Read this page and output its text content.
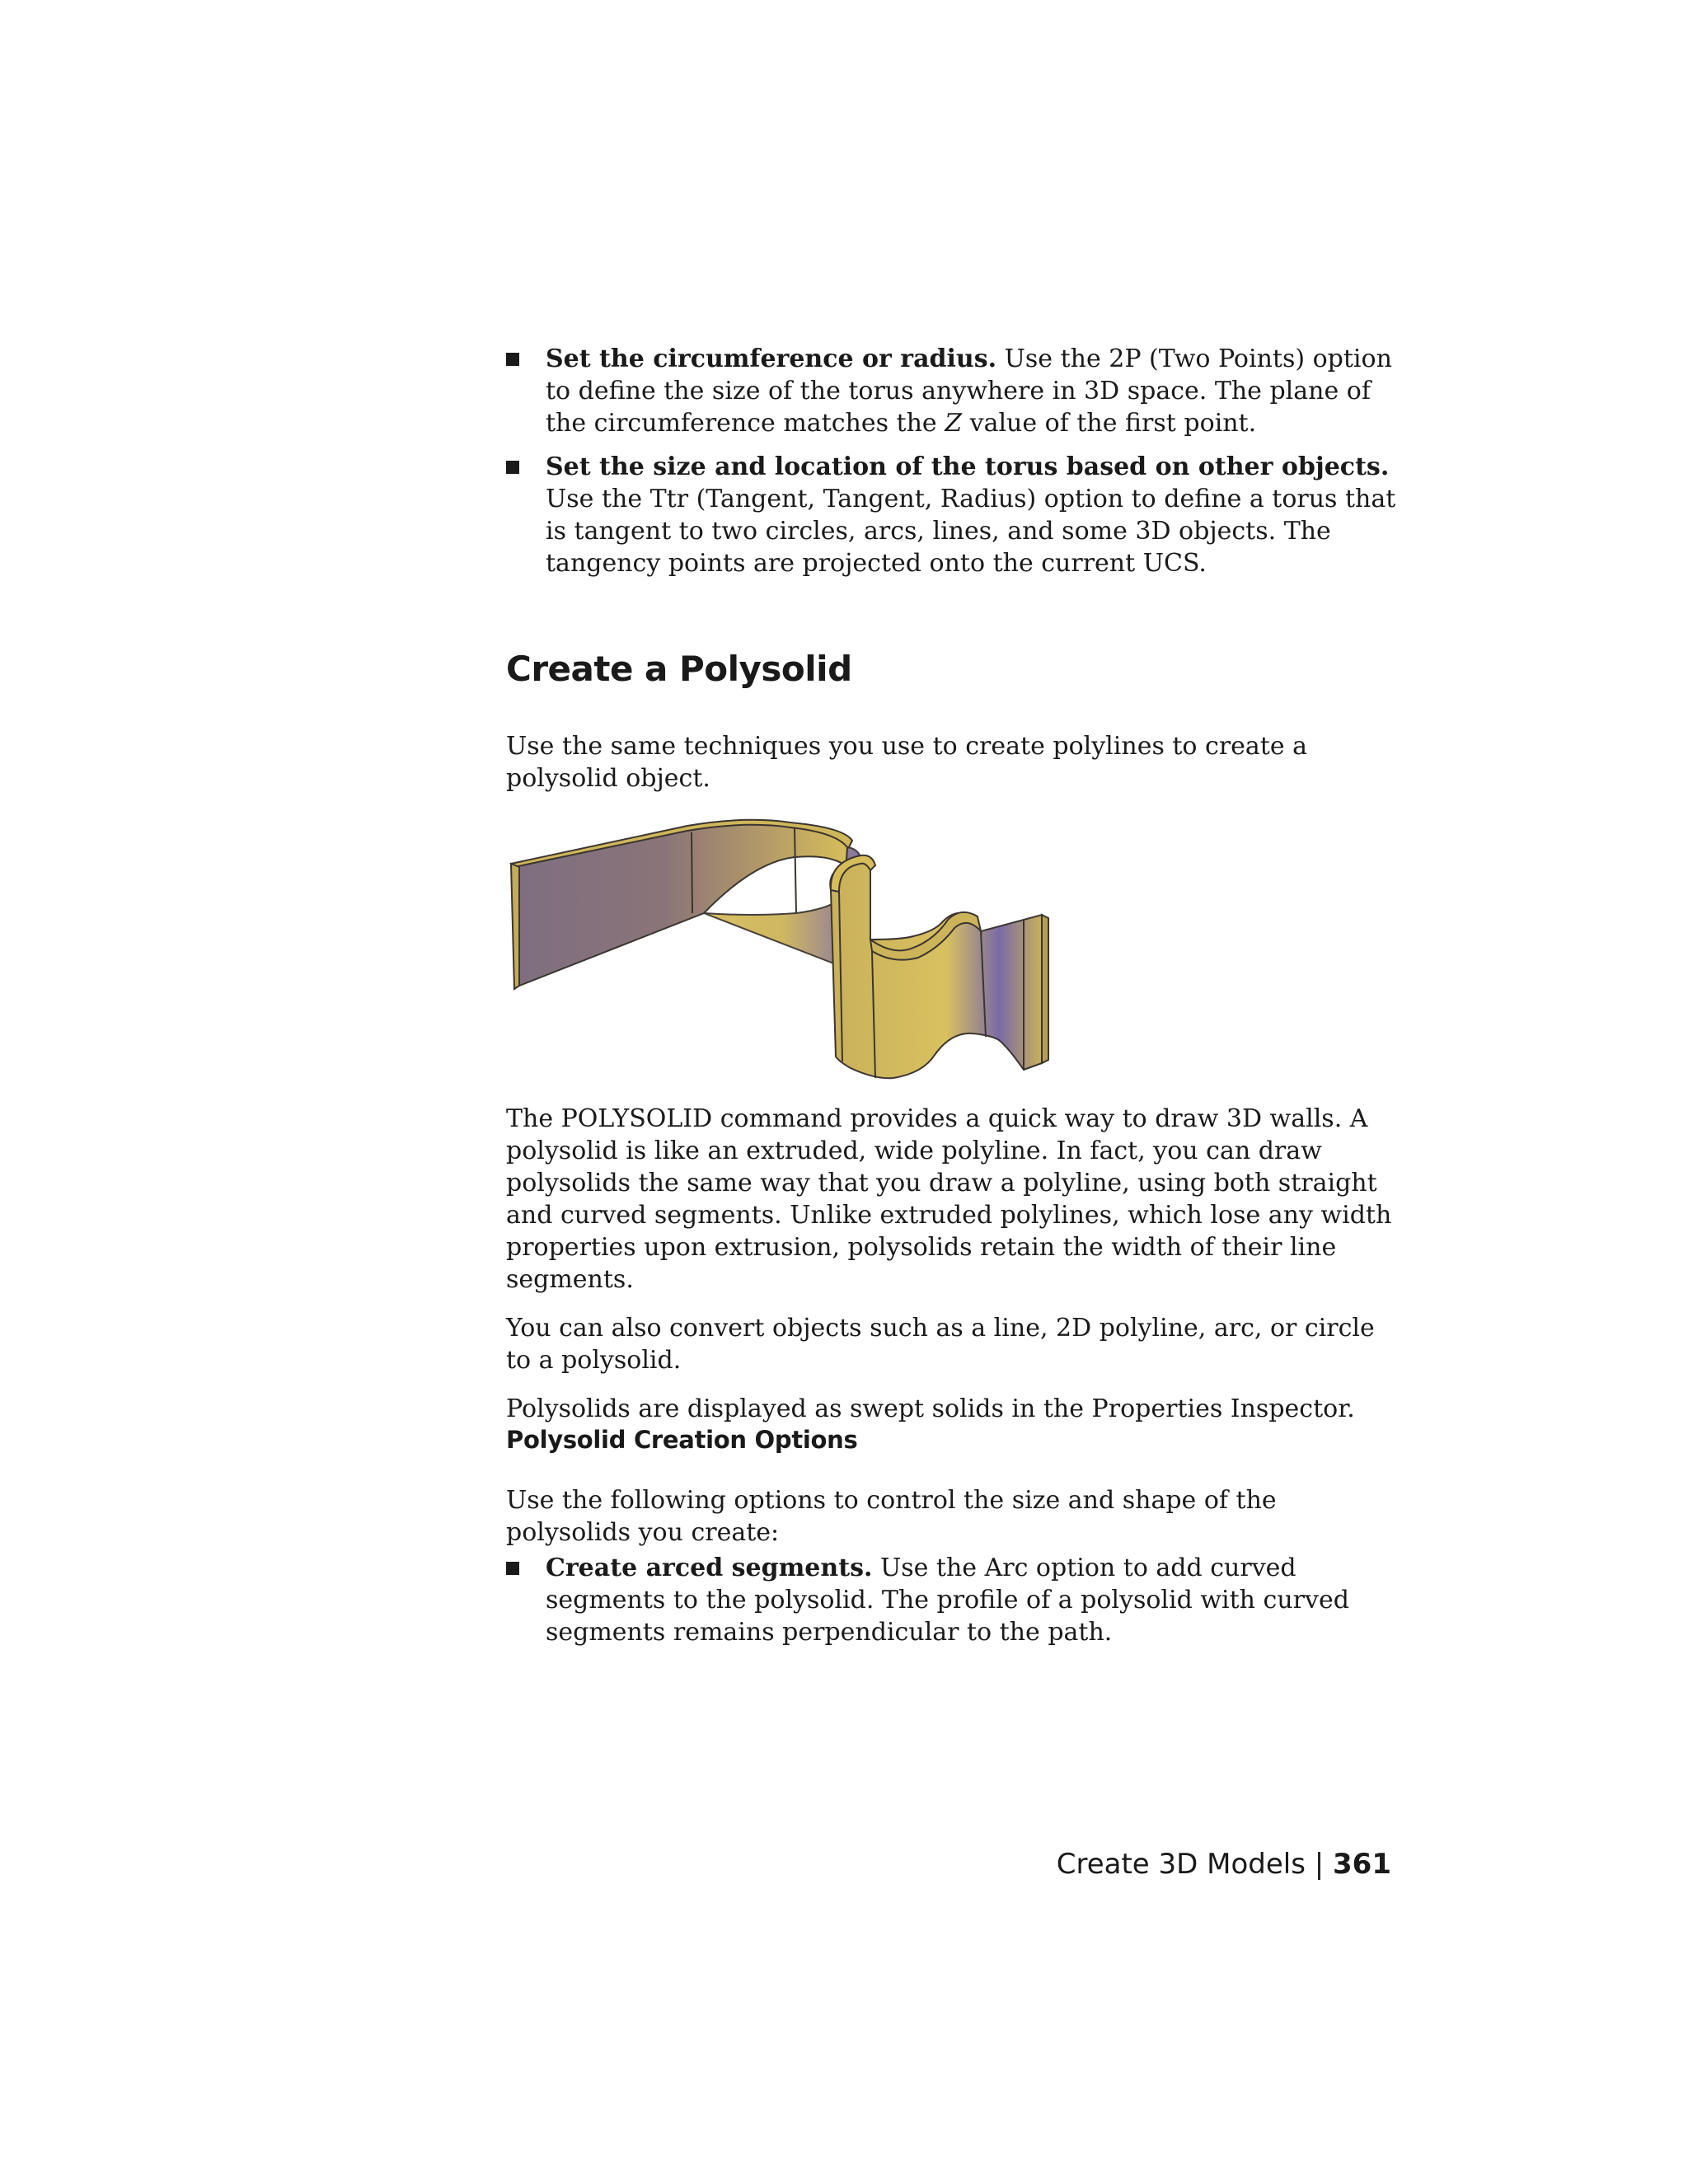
Set the circumference or radius. Use the 2P (Two Points) option to define the size of the torus anywhere in 3D space. The plane of the circumference matches the Z value of the first point.
Set the size and location of the torus based on other objects. Use the Ttr (Tangent, Tangent, Radius) option to define a torus that is tangent to two circles, arcs, lines, and some 3D objects. The tangency points are projected onto the current UCS.
Create a Polysolid
Use the same techniques you use to create polylines to create a polysolid object.

The POLYSOLID command provides a quick way to draw 3D walls. A polysolid is like an extruded, wide polyline. In fact, you can draw polysolids the same way that you draw a polyline, using both straight and curved segments. Unlike extruded polylines, which lose any width properties upon extrusion, polysolids retain the width of their line segments.

You can also convert objects such as a line, 2D polyline, arc, or circle to a polysolid.

Polysolids are displayed as swept solids in the Properties Inspector.

Polysolid Creation Options
Use the following options to control the size and shape of the polysolids you create:
Create arced segments. Use the Arc option to add curved segments to the polysolid. The profile of a polysolid with curved segments remains perpendicular to the path.
Create 3D Models | 361
